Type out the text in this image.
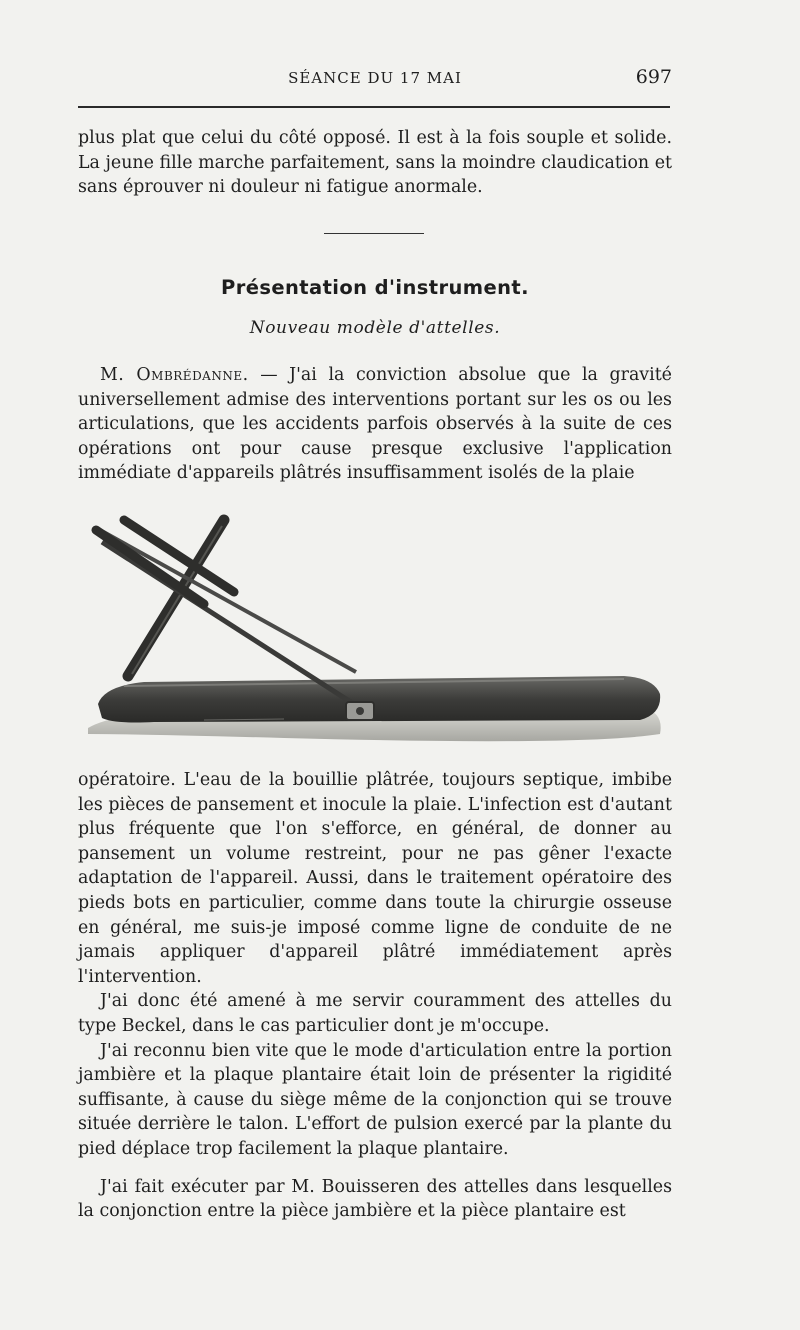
SÉANCE DU 17 MAI	697

plus plat que celui du côté opposé. Il est à la fois souple et solide. La jeune fille marche parfaitement, sans la moindre claudication et sans éprouver ni douleur ni fatigue anormale.

Présentation d'instrument.
Nouveau modèle d'attelles.

M. Ombrédanne. — J'ai la conviction absolue que la gravité universellement admise des interventions portant sur les os ou les articulations, que les accidents parfois observés à la suite de ces opérations ont pour cause presque exclusive l'application immédiate d'appareils plâtrés insuffisamment isolés de la plaie

opératoire. L'eau de la bouillie plâtrée, toujours septique, imbibe les pièces de pansement et inocule la plaie. L'infection est d'autant plus fréquente que l'on s'efforce, en général, de donner au pansement un volume restreint, pour ne pas gêner l'exacte adaptation de l'appareil. Aussi, dans le traitement opératoire des pieds bots en particulier, comme dans toute la chirurgie osseuse en général, me suis-je imposé comme ligne de conduite de ne jamais appliquer d'appareil plâtré immédiatement après l'intervention.

J'ai donc été amené à me servir couramment des attelles du type Beckel, dans le cas particulier dont je m'occupe.

J'ai reconnu bien vite que le mode d'articulation entre la portion jambière et la plaque plantaire était loin de présenter la rigidité suffisante, à cause du siège même de la conjonction qui se trouve située derrière le talon. L'effort de pulsion exercé par la plante du pied déplace trop facilement la plaque plantaire.

J'ai fait exécuter par M. Bouisseren des attelles dans lesquelles la conjonction entre la pièce jambière et la pièce plantaire est
